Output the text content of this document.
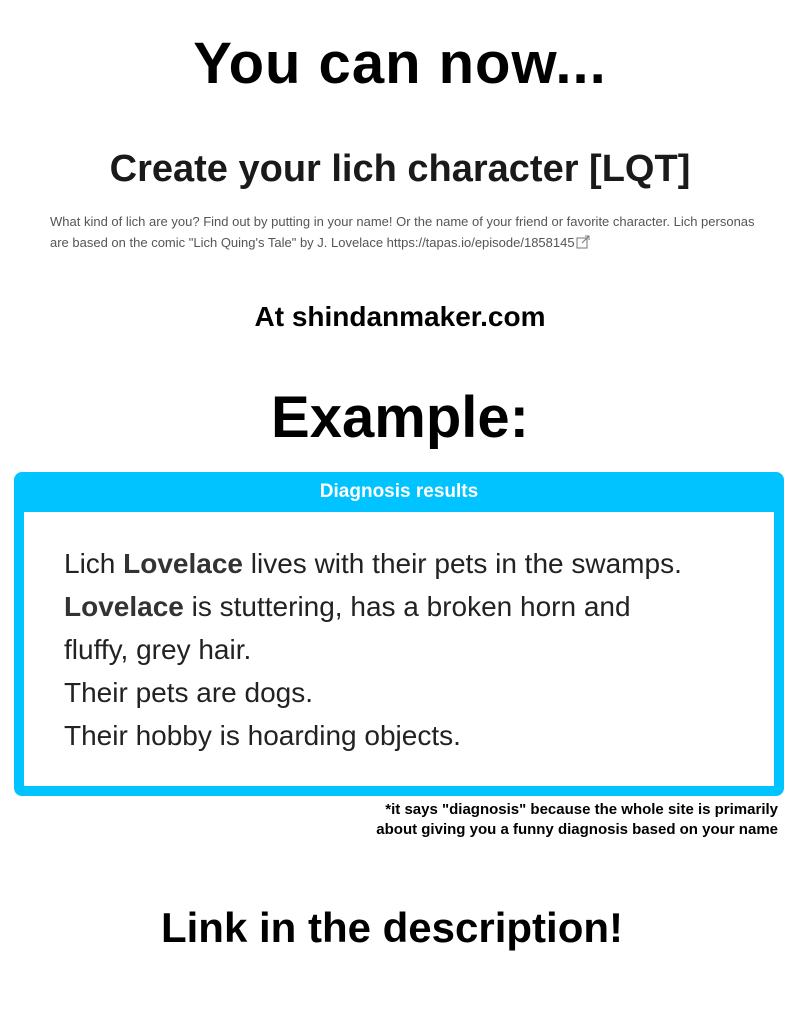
You can now...
Create your lich character [LQT]

What kind of lich are you? Find out by putting in your name! Or the name of your friend or favorite character. Lich personas are based on the comic "Lich Quing's Tale" by J. Lovelace https://tapas.io/episode/1858145

At shindanmaker.com
Example:
Diagnosis results

Lich Lovelace lives with their pets in the swamps.

Lovelace is stuttering, has a broken horn and

fluffy, grey hair.

Their pets are dogs.

Their hobby is hoarding objects.

*it says "diagnosis" because the whole site is primarily
about giving you a funny diagnosis based on your name

Link in the description!
